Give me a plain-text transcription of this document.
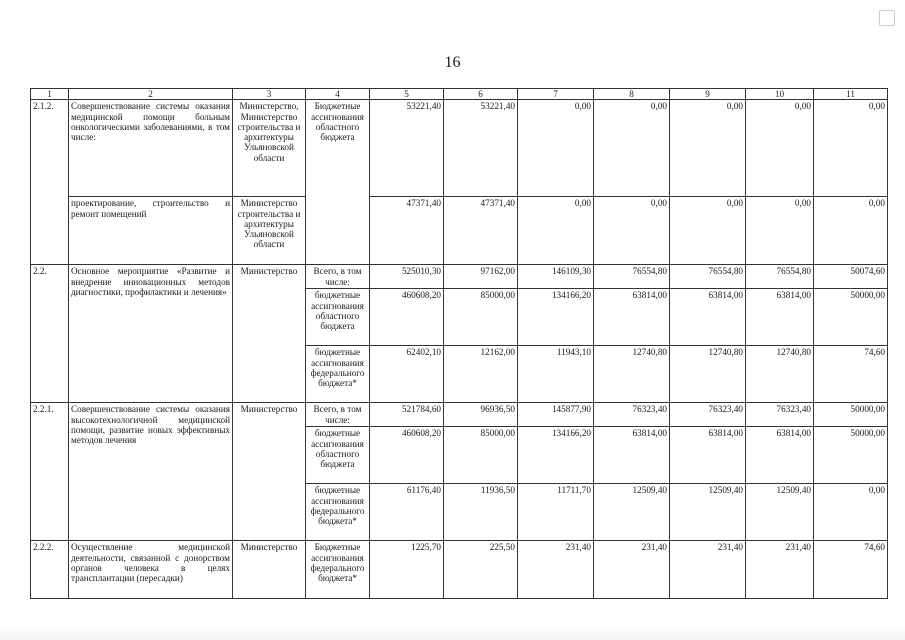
16
1	2	3	4	5	6	7	8	9	10	11
2.1.2.	Совершенствование системы оказания медицинской помощи больным онкологическими заболеваниями, в том числе:	Министерство, Министерство строительства и архитектуры Ульяновской области	Бюджетные ассигнования областного бюджета	53221,40	53221,40	0,00	0,00	0,00	0,00	0,00
	проектирование, строительство и ремонт помещений	Министерство строительства и архитектуры Ульяновской области		47371,40	47371,40	0,00	0,00	0,00	0,00	0,00
2.2.	Основное мероприятие «Развитие и внедрение инновационных методов диагностики, профилактики и лечения»	Министерство	Всего, в том числе:	525010,30	97162,00	146109,30	76554,80	76554,80	76554,80	50074,60
			бюджетные ассигнования областного бюджета	460608,20	85000,00	134166,20	63814,00	63814,00	63814,00	50000,00
			бюджетные ассигнования федерального бюджета*	62402,10	12162,00	11943,10	12740,80	12740,80	12740,80	74,60
2.2.1.	Совершенствование системы оказания высокотехнологичной медицинской помощи, развитие новых эффективных методов лечения	Министерство	Всего, в том числе:	521784,60	96936,50	145877,90	76323,40	76323,40	76323,40	50000,00
			бюджетные ассигнования областного бюджета	460608,20	85000,00	134166,20	63814,00	63814,00	63814,00	50000,00
			бюджетные ассигнования федерального бюджета*	61176,40	11936,50	11711,70	12509,40	12509,40	12509,40	0,00
2.2.2.	Осуществление медицинской деятельности, связанной с донорством органов человека в целях трансплантации (пересадки)	Министерство	Бюджетные ассигнования федерального бюджета*	1225,70	225,50	231,40	231,40	231,40	231,40	74,60
